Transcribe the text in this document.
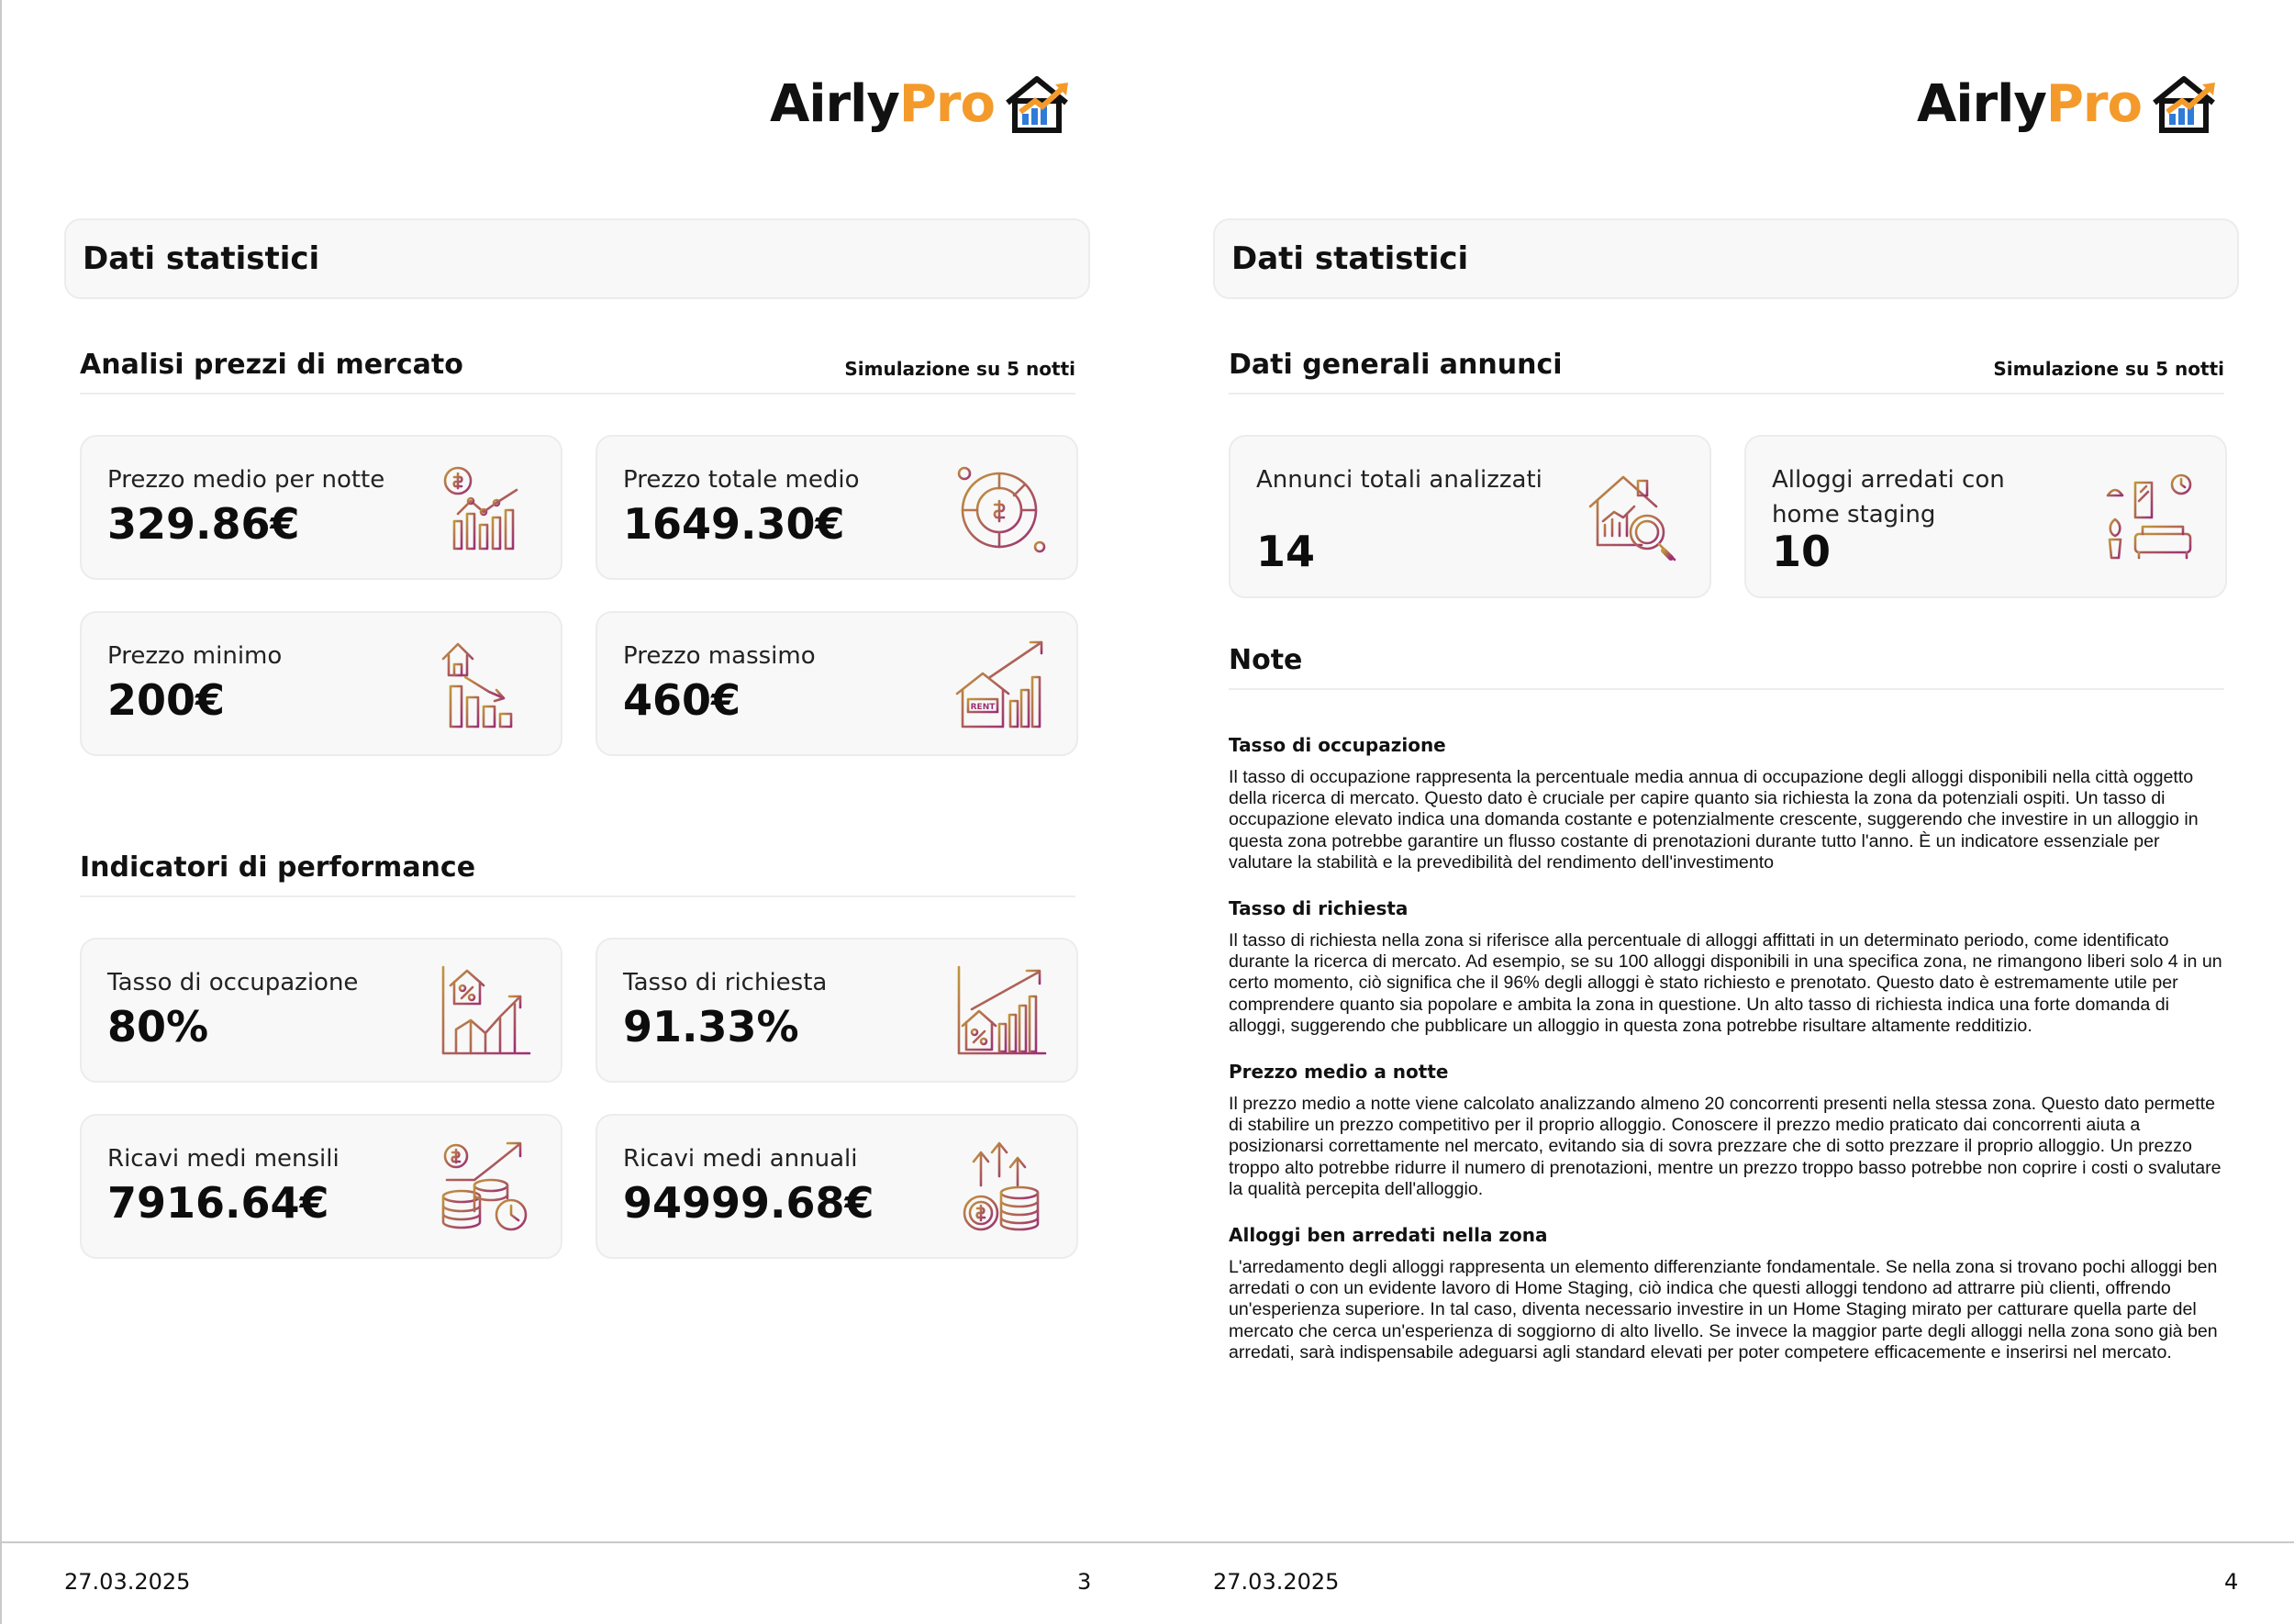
AirlyPro
Dati statistici
Analisi prezzi di mercato	Simulazione su 5 notti
Prezzo medio per notte
329.86€
Prezzo totale medio
1649.30€
Prezzo minimo
200€
Prezzo massimo
460€	RENT
Indicatori di performance
Tasso di occupazione
80%
Tasso di richiesta
91.33%
Ricavi medi mensili
7916.64€
Ricavi medi annuali
94999.68€
27.03.2025	3
AirlyPro
Dati statistici
Dati generali annunci	Simulazione su 5 notti
Annunci totali analizzati
14
Alloggi arredati con home staging
10
Note
Tasso di occupazione
Il tasso di occupazione rappresenta la percentuale media annua di occupazione degli alloggi disponibili nella città oggetto della ricerca di mercato. Questo dato è cruciale per capire quanto sia richiesta la zona da potenziali ospiti. Un tasso di occupazione elevato indica una domanda costante e potenzialmente crescente, suggerendo che investire in un alloggio in questa zona potrebbe garantire un flusso costante di prenotazioni durante tutto l'anno. È un indicatore essenziale per valutare la stabilità e la prevedibilità del rendimento dell'investimento
Tasso di richiesta
Il tasso di richiesta nella zona si riferisce alla percentuale di alloggi affittati in un determinato periodo, come identificato durante la ricerca di mercato. Ad esempio, se su 100 alloggi disponibili in una specifica zona, ne rimangono liberi solo 4 in un certo momento, ciò significa che il 96% degli alloggi è stato richiesto e prenotato. Questo dato è estremamente utile per comprendere quanto sia popolare e ambita la zona in questione. Un alto tasso di richiesta indica una forte domanda di alloggi, suggerendo che pubblicare un alloggio in questa zona potrebbe risultare altamente redditizio.
Prezzo medio a notte
Il prezzo medio a notte viene calcolato analizzando almeno 20 concorrenti presenti nella stessa zona. Questo dato permette di stabilire un prezzo competitivo per il proprio alloggio. Conoscere il prezzo medio praticato dai concorrenti aiuta a posizionarsi correttamente nel mercato, evitando sia di sovra prezzare che di sotto prezzare il proprio alloggio. Un prezzo troppo alto potrebbe ridurre il numero di prenotazioni, mentre un prezzo troppo basso potrebbe non coprire i costi o svalutare la qualità percepita dell'alloggio.
Alloggi ben arredati nella zona
L'arredamento degli alloggi rappresenta un elemento differenziante fondamentale. Se nella zona si trovano pochi alloggi ben arredati o con un evidente lavoro di Home Staging, ciò indica che questi alloggi tendono ad attrarre più clienti, offrendo un'esperienza superiore. In tal caso, diventa necessario investire in un Home Staging mirato per catturare quella parte del mercato che cerca un'esperienza di soggiorno di alto livello. Se invece la maggior parte degli alloggi nella zona sono già ben arredati, sarà indispensabile adeguarsi agli standard elevati per poter competere efficacemente e inserirsi nel mercato.
27.03.2025	4
